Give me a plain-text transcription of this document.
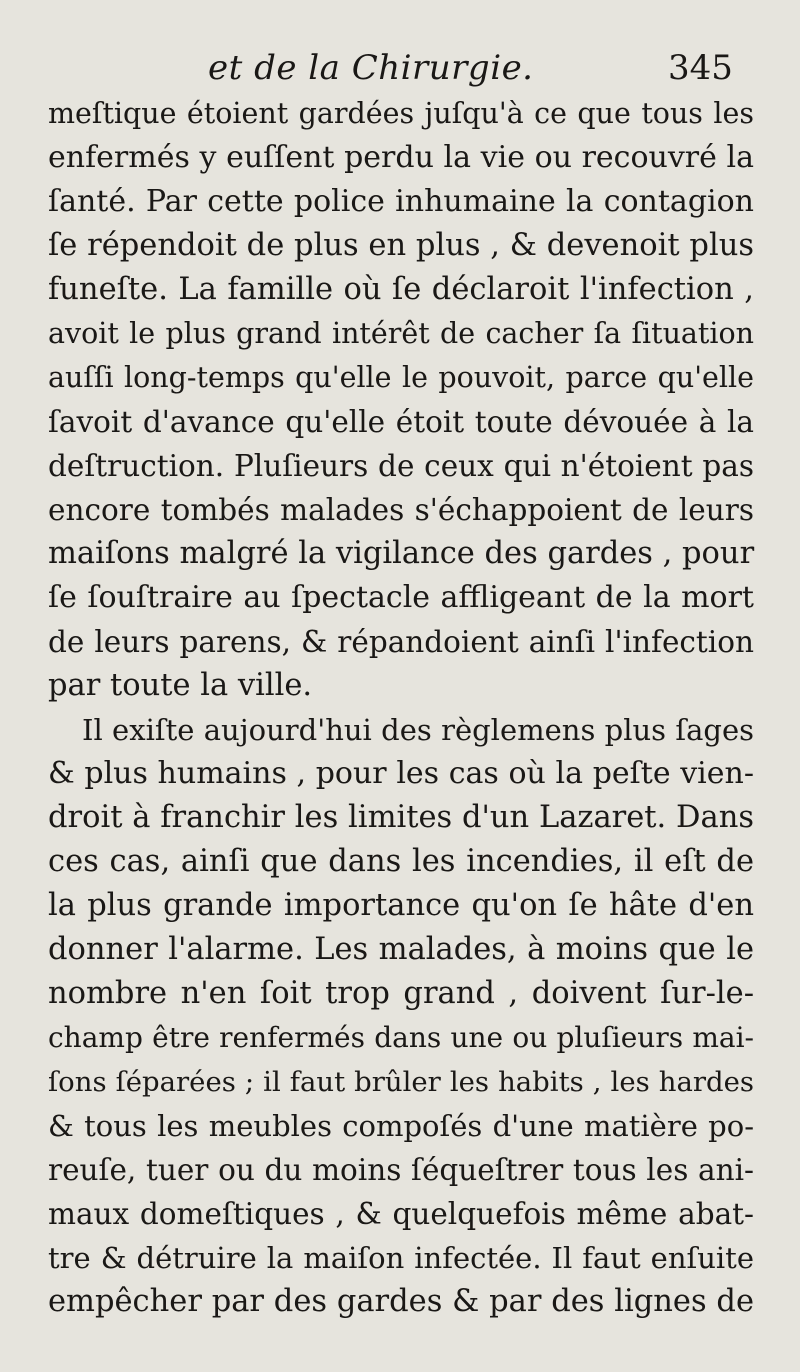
et de la Chirurgie.	345
meſtique étoient gardées juſqu'à ce que tous les
enfermés y euſſent perdu la vie ou recouvré la
ſanté. Par cette police inhumaine la contagion
ſe répendoit de plus en plus , & devenoit plus
funeſte. La famille où ſe déclaroit l'infection ,
avoit le plus grand intérêt de cacher ſa ſituation
auſſi long-temps qu'elle le pouvoit, parce qu'elle
ſavoit d'avance qu'elle étoit toute dévouée à la
deſtruction. Pluſieurs de ceux qui n'étoient pas
encore tombés malades s'échappoient de leurs
maiſons malgré la vigilance des gardes , pour
ſe ſouſtraire au ſpectacle affligeant de la mort
de leurs parens, & répandoient ainſi l'infection
par toute la ville.
Il exiſte aujourd'hui des règlemens plus ſages
& plus humains , pour les cas où la peſte vien-
droit à franchir les limites d'un Lazaret. Dans
ces cas, ainſi que dans les incendies, il eſt de
la plus grande importance qu'on ſe hâte d'en
donner l'alarme. Les malades, à moins que le
nombre n'en ſoit trop grand , doivent ſur-le-
champ être renfermés dans une ou pluſieurs mai-
ſons ſéparées ; il faut brûler les habits , les hardes
& tous les meubles compoſés d'une matière po-
reuſe, tuer ou du moins ſéqueſtrer tous les ani-
maux domeſtiques , & quelquefois même abat-
tre & détruire la maiſon infectée. Il faut enſuite
empêcher par des gardes & par des lignes de
